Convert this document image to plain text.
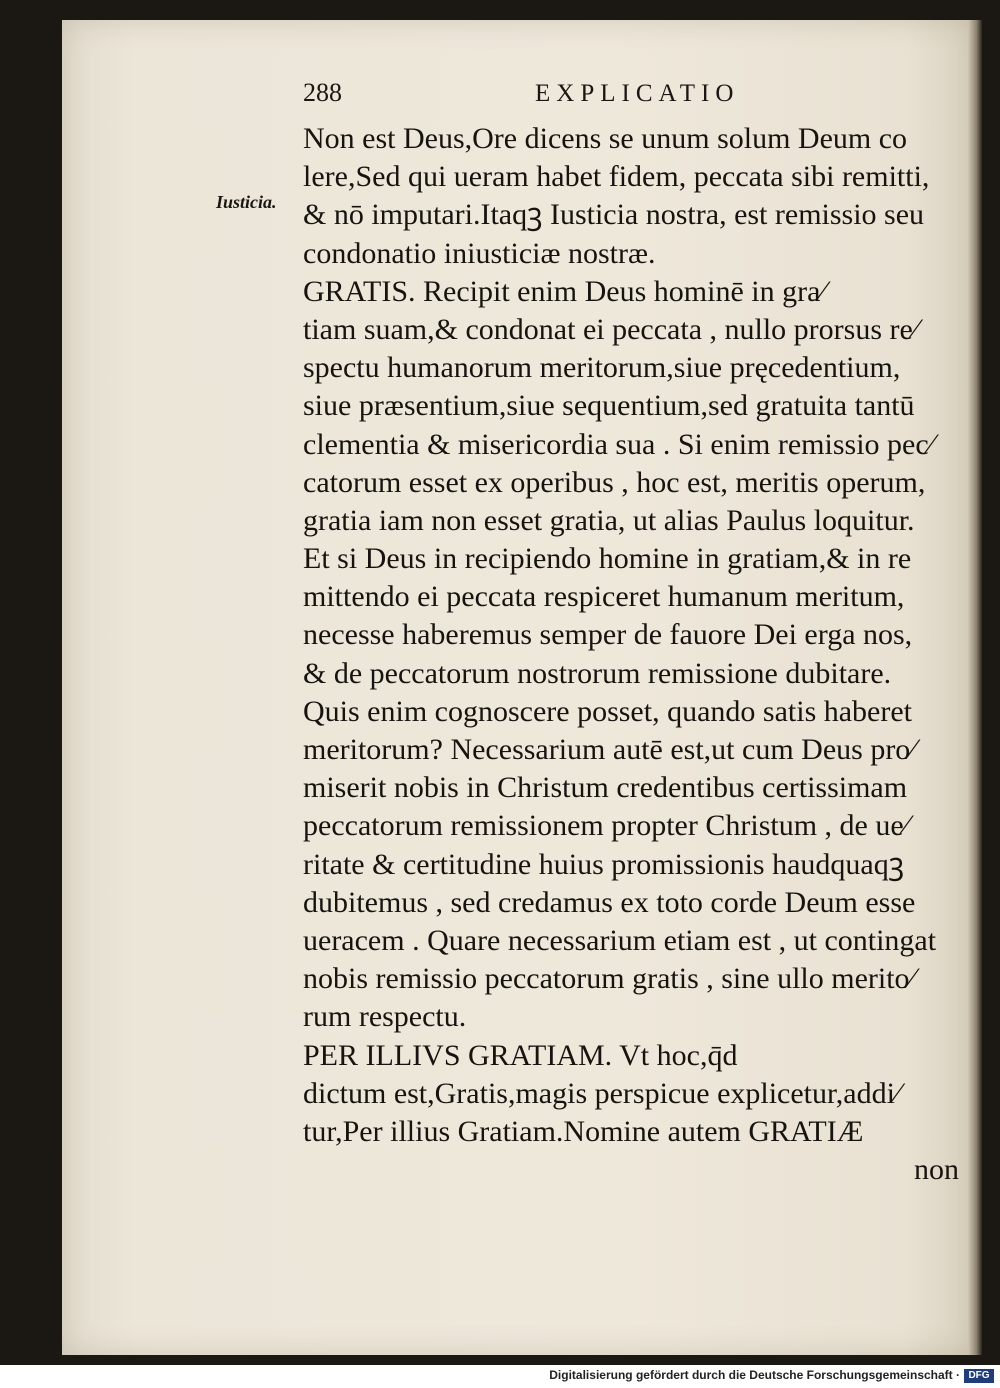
288	EXPLICATIO
Iusticia.
Non est Deus,Ore dicens se unum solum Deum co
lere,Sed qui ueram habet fidem, peccata sibi remitti,
& nō imputari.Itaqꝫ Iusticia nostra, est remissio seu
condonatio iniusticiæ nostræ.
GRATIS. Recipit enim Deus hominē in gra⁄
tiam suam,& condonat ei peccata , nullo prorsus re⁄
spectu humanorum meritorum,siue pręcedentium,
siue præsentium,siue sequentium,sed gratuita tantū
clementia & misericordia sua . Si enim remissio pec⁄
catorum esset ex operibus , hoc est, meritis operum,
gratia iam non esset gratia, ut alias Paulus loquitur.
Et si Deus in recipiendo homine in gratiam,& in re
mittendo ei peccata respiceret humanum meritum,
necesse haberemus semper de fauore Dei erga nos,
& de peccatorum nostrorum remissione dubitare.
Quis enim cognoscere posset, quando satis haberet
meritorum? Necessarium autē est,ut cum Deus pro⁄
miserit nobis in Christum credentibus certissimam
peccatorum remissionem propter Christum , de ue⁄
ritate & certitudine huius promissionis haudquaqꝫ
dubitemus , sed credamus ex toto corde Deum esse
ueracem . Quare necessarium etiam est , ut contingat
nobis remissio peccatorum gratis , sine ullo merito⁄
rum respectu.
PER ILLIVS GRATIAM. Vt hoc,q̄d
dictum est,Gratis,magis perspicue explicetur,addi⁄
tur,Per illius Gratiam.Nomine autem GRATIÆ
non
Digitalisierung gefördert durch die Deutsche Forschungsgemeinschaft · DFG
